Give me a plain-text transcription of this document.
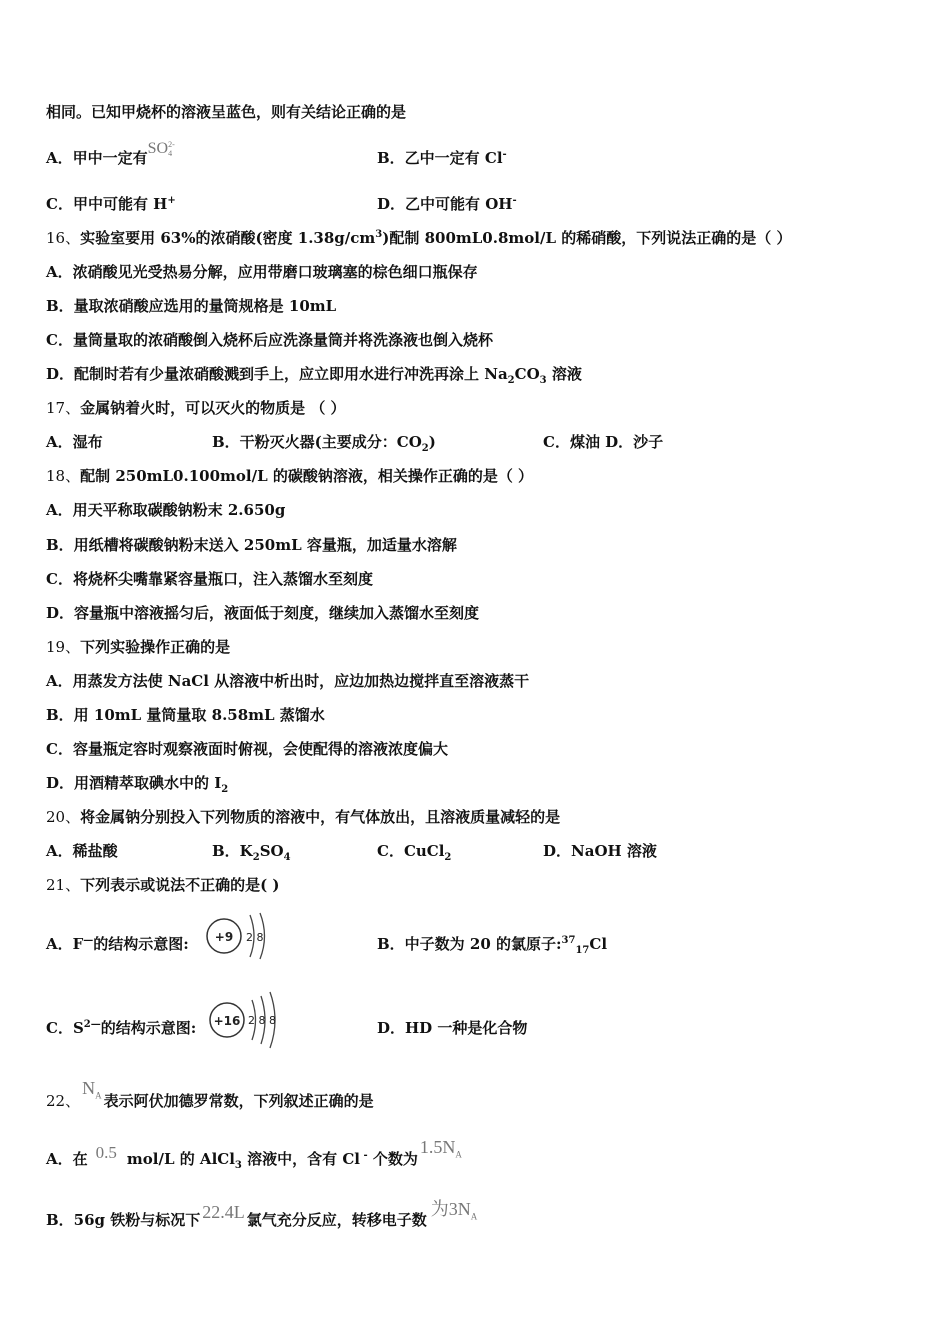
相同。已知甲烧杯的溶液呈蓝色，则有关结论正确的是
A．甲中一定有SO 2-
4	B．乙中一定有 Cl-
C．甲中可能有 H+	D．乙中可能有 OH-
16、实验室要用 63%的浓硝酸(密度 $1.38g/cm^3$)配制 800mL0.8mol/L 的稀硝酸，下列说法正确的是（ ）
A．浓硝酸见光受热易分解，应用带磨口玻璃塞的棕色细口瓶保存
B．量取浓硝酸应选用的量筒规格是 10mL
C．量筒量取的浓硝酸倒入烧杯后应洗涤量筒并将洗涤液也倒入烧杯
D．配制时若有少量浓硝酸溅到手上，应立即用水进行冲洗再涂上 $Na_2CO_3$ 溶液
17、金属钠着火时，可以灭火的物质是 （ ）
A．湿布	B．干粉灭火器(主要成分：$CO_2$)	C．煤油 D．沙子
18、配制 250mL0.100mol/L 的碳酸钠溶液，相关操作正确的是（ ）
A．用天平称取碳酸钠粉末 2.650g
B．用纸槽将碳酸钠粉末送入 250mL 容量瓶，加适量水溶解
C．将烧杯尖嘴靠紧容量瓶口，注入蒸馏水至刻度
D．容量瓶中溶液摇匀后，液面低于刻度，继续加入蒸馏水至刻度
19、下列实验操作正确的是
A．用蒸发方法使 NaCl 从溶液中析出时，应边加热边搅拌直至溶液蒸干
B．用 10mL 量筒量取 8.58mL 蒸馏水
C．容量瓶定容时观察液面时俯视，会使配得的溶液浓度偏大
D．用酒精萃取碘水中的 $I_2$
20、将金属钠分别投入下列物质的溶液中，有气体放出，且溶液质量减轻的是
A．稀盐酸	B．$K_2SO_4$	C．CuCl$_2$	D．NaOH 溶液
21、下列表示或说法不正确的是( )
A．F—的结构示意图: +9 2 8	B．中子数为 20 的氯原子:$^{37}_{17}$Cl
C．$S^{2—}$的结构示意图: +16 2 8 8	D．HD 一种是化合物
22、$N_A$ 表示阿伏加德罗常数，下列叙述正确的是
A．在 0.5 mol/L 的 AlCl$_3$ 溶液中，含有 Cl - 个数为$1.5N_A$
B．56g 铁粉与标况下 22.4L 氯气充分反应，转移电子数为$3N_A$
